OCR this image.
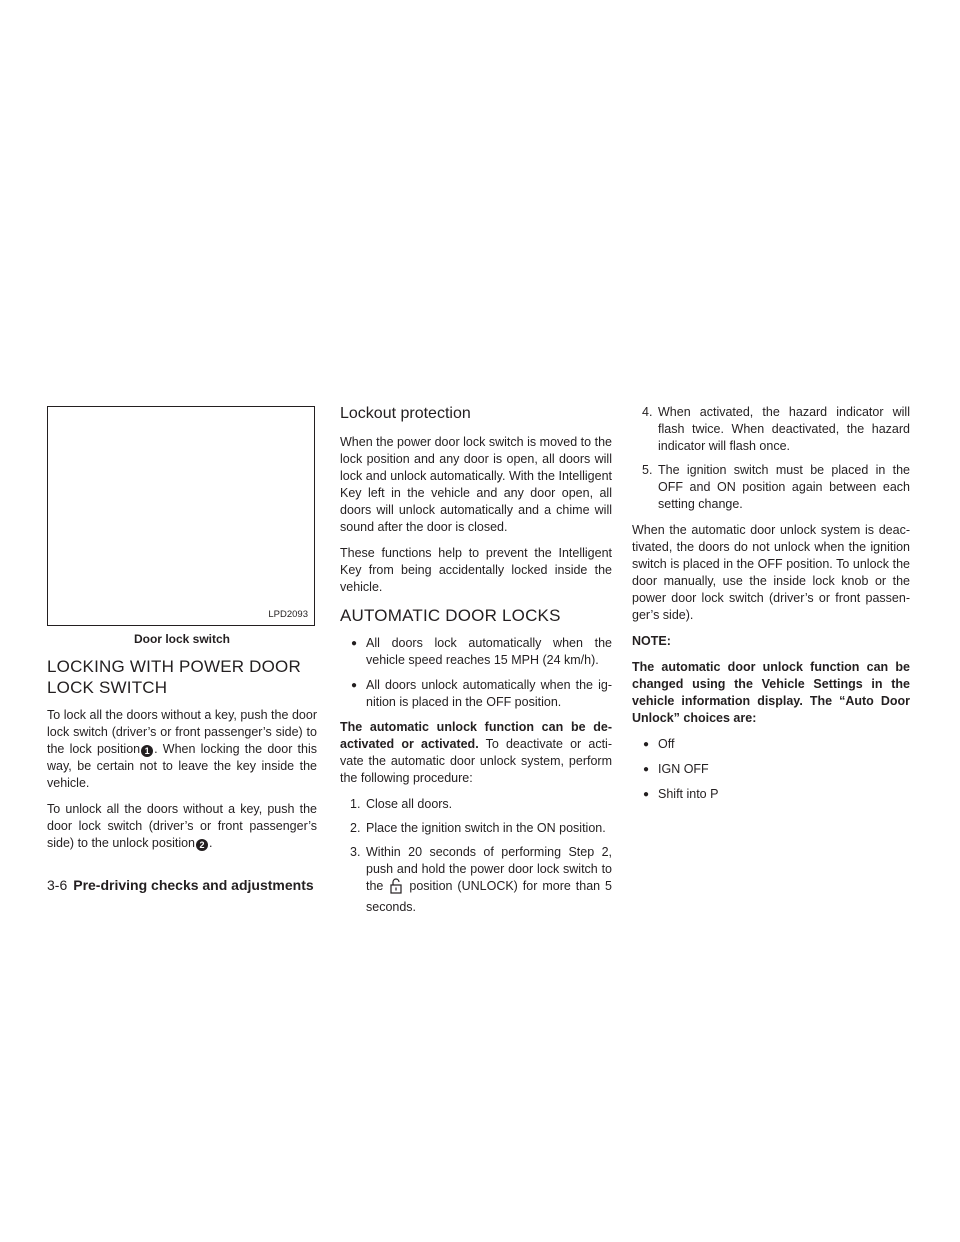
LPD2093
Door lock switch
LOCKING WITH POWER DOOR
LOCK SWITCH

To lock all the doors without a key, push the door lock switch (driver’s or front passenger’s side) to the lock position 1 . When locking the door this way, be certain not to leave the key inside the vehicle.

To unlock all the doors without a key, push the door lock switch (driver’s or front passenger’s side) to the unlock position 2 .

Lockout protection

When the power door lock switch is moved to the lock position and any door is open, all doors will lock and unlock automatically. With the Intelligent Key left in the vehicle and any door open, all doors will unlock automatically and a chime will sound after the door is closed.

These functions help to prevent the Intelligent Key from being accidentally locked inside the vehicle.

AUTOMATIC DOOR LOCKS
● All doors lock automatically when the vehicle speed reaches 15 MPH (24 km/h).
● All doors unlock automatically when the ig-nition is placed in the OFF position.

The automatic unlock function can be de-activated or activated. To deactivate or acti-vate the automatic door unlock system, perform the following procedure:

1. Close all doors.
2. Place the ignition switch in the ON position.
3. Within 20 seconds of performing Step 2, push and hold the power door lock switch to the position (UNLOCK) for more than 5 seconds.
4. When activated, the hazard indicator will flash twice. When deactivated, the hazard indicator will flash once.
5. The ignition switch must be placed in the OFF and ON position again between each setting change.

When the automatic door unlock system is deac-tivated, the doors do not unlock when the ignition switch is placed in the OFF position. To unlock the door manually, use the inside lock knob or the power door lock switch (driver’s or front passen-ger’s side).

NOTE:

The automatic door unlock function can be changed using the Vehicle Settings in the vehicle information display. The “Auto Door Unlock” choices are:

● Off
● IGN OFF
● Shift into P
3-6 Pre-driving checks and adjustments
